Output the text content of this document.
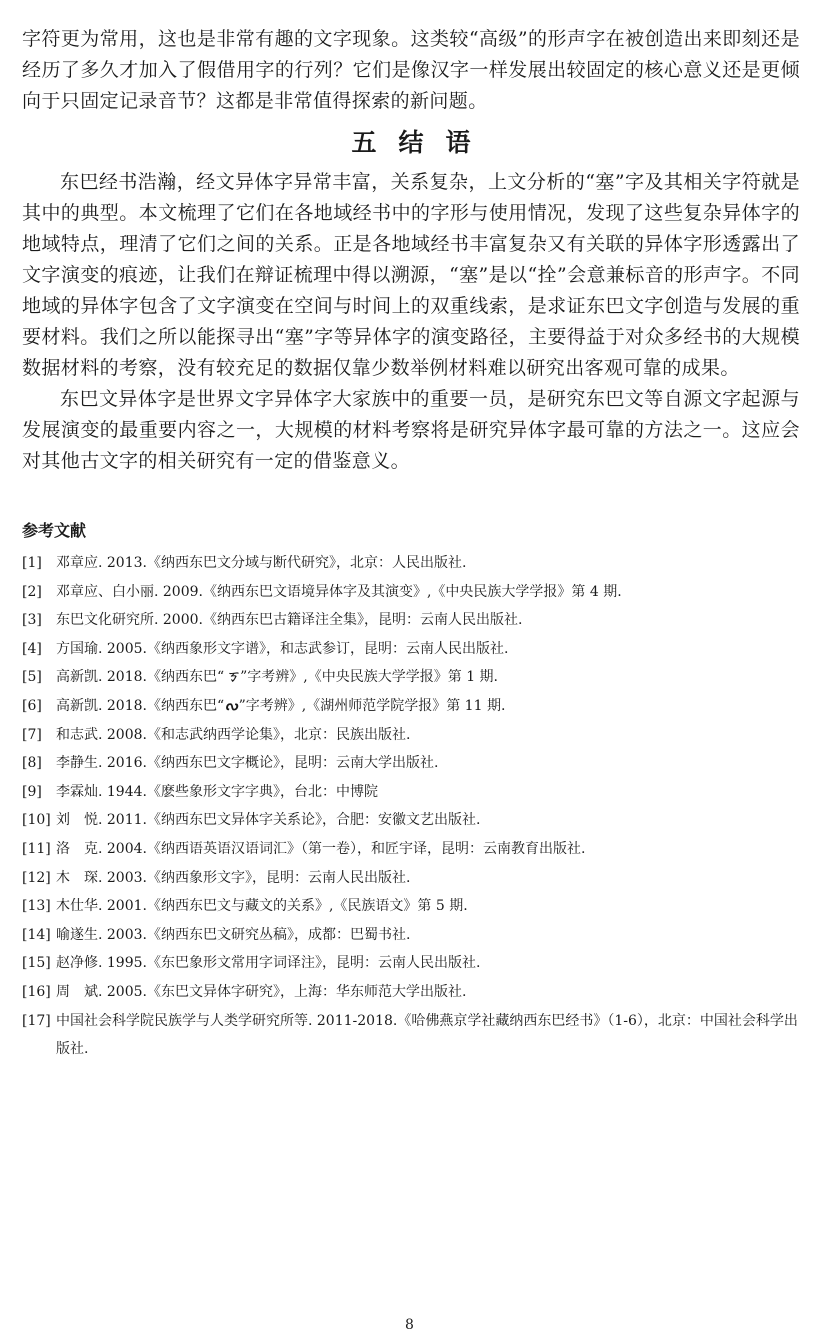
字符更为常用，这也是非常有趣的文字现象。这类较“高级”的形声字在被创造出来即刻还是经历了多久才加入了假借用字的行列？它们是像汉字一样发展出较固定的核心意义还是更倾向于只固定记录音节？这都是非常值得探索的新问题。

五结语

东巴经书浩瀚，经文异体字异常丰富，关系复杂，上文分析的“塞”字及其相关字符就是其中的典型。本文梳理了它们在各地域经书中的字形与使用情况，发现了这些复杂异体字的地域特点，理清了它们之间的关系。正是各地域经书丰富复杂又有关联的异体字形透露出了文字演变的痕迹，让我们在辩证梳理中得以溯源，“塞”是以“拴”会意兼标音的形声字。不同地域的异体字包含了文字演变在空间与时间上的双重线索，是求证东巴文字创造与发展的重要材料。我们之所以能探寻出“塞”字等异体字的演变路径，主要得益于对众多经书的大规模数据材料的考察，没有较充足的数据仅靠少数举例材料难以研究出客观可靠的成果。

东巴文异体字是世界文字异体字大家族中的重要一员，是研究东巴文等自源文字起源与发展演变的最重要内容之一，大规模的材料考察将是研究异体字最可靠的方法之一。这应会对其他古文字的相关研究有一定的借鉴意义。

参考文献
[1]	邓章应. 2013.《纳西东巴文分域与断代研究》，北京：人民出版社.
[2]	邓章应、白小丽. 2009.《纳西东巴文语境异体字及其演变》,《中央民族大学学报》第 4 期.
[3]	东巴文化研究所. 2000.《纳西东巴古籍译注全集》，昆明：云南人民出版社.
[4]	方国瑜. 2005.《纳西象形文字谱》，和志武参订，昆明：云南人民出版社.
[5]	高新凯. 2018.《纳西东巴“ㄎ”字考辨》,《中央民族大学学报》第 1 期.
[6]	高新凯. 2018.《纳西东巴“ᔓ”字考辨》,《湖州师范学院学报》第 11 期.
[7]	和志武. 2008.《和志武纳西学论集》，北京：民族出版社.
[8]	李静生. 2016.《纳西东巴文字概论》，昆明：云南大学出版社.
[9]	李霖灿. 1944.《麽些象形文字字典》，台北：中博院
[10] 刘　悦. 2011.《纳西东巴文异体字关系论》，合肥：安徽文艺出版社.
[11] 洛　克. 2004.《纳西语英语汉语词汇》（第一卷），和匠宇译，昆明：云南教育出版社.
[12] 木　琛. 2003.《纳西象形文字》，昆明：云南人民出版社.
[13] 木仕华. 2001.《纳西东巴文与藏文的关系》,《民族语文》第 5 期.
[14] 喻遂生. 2003.《纳西东巴文研究丛稿》，成都：巴蜀书社.
[15] 赵净修. 1995.《东巴象形文常用字词译注》，昆明：云南人民出版社.
[16] 周　斌. 2005.《东巴文异体字研究》，上海：华东师范大学出版社.
[17] 中国社会科学院民族学与人类学研究所等. 2011-2018.《哈佛燕京学社藏纳西东巴经书》（1-6），北京：中国社会科学出版社.
8
